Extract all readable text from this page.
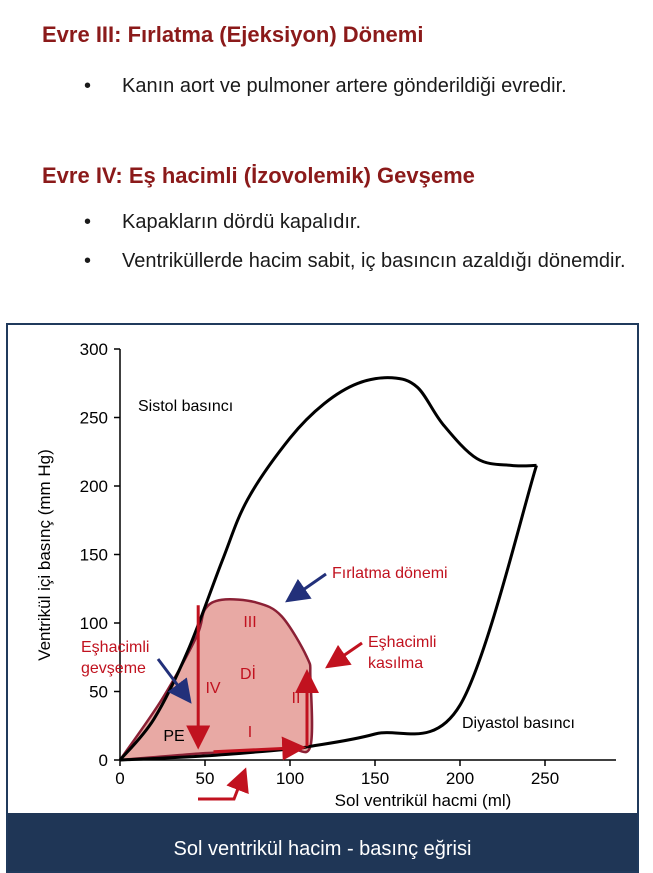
Evre III: Fırlatma (Ejeksiyon) Dönemi
•	Kanın aort ve pulmoner artere gönderildiği evredir.
Evre IV: Eş hacimli (İzovolemik) Gevşeme
•	Kapakların dördü kapalıdır.
•	Ventriküllerde hacim sabit, iç basıncın azaldığı dönemdir.
0	50	100	150	200	250
0
50
100
150
200
250
300
Sol ventrikül hacmi (ml)
Ventrikül içi basınç (mm Hg)
Sistol basıncı
Diyastol basıncı
Fırlatma dönemi
Eşhacimli
kasılma
Eşhacimli
gevşeme
I
II
III
IV
Dİ
PE
Sol ventrikül hacim - basınç eğrisi
